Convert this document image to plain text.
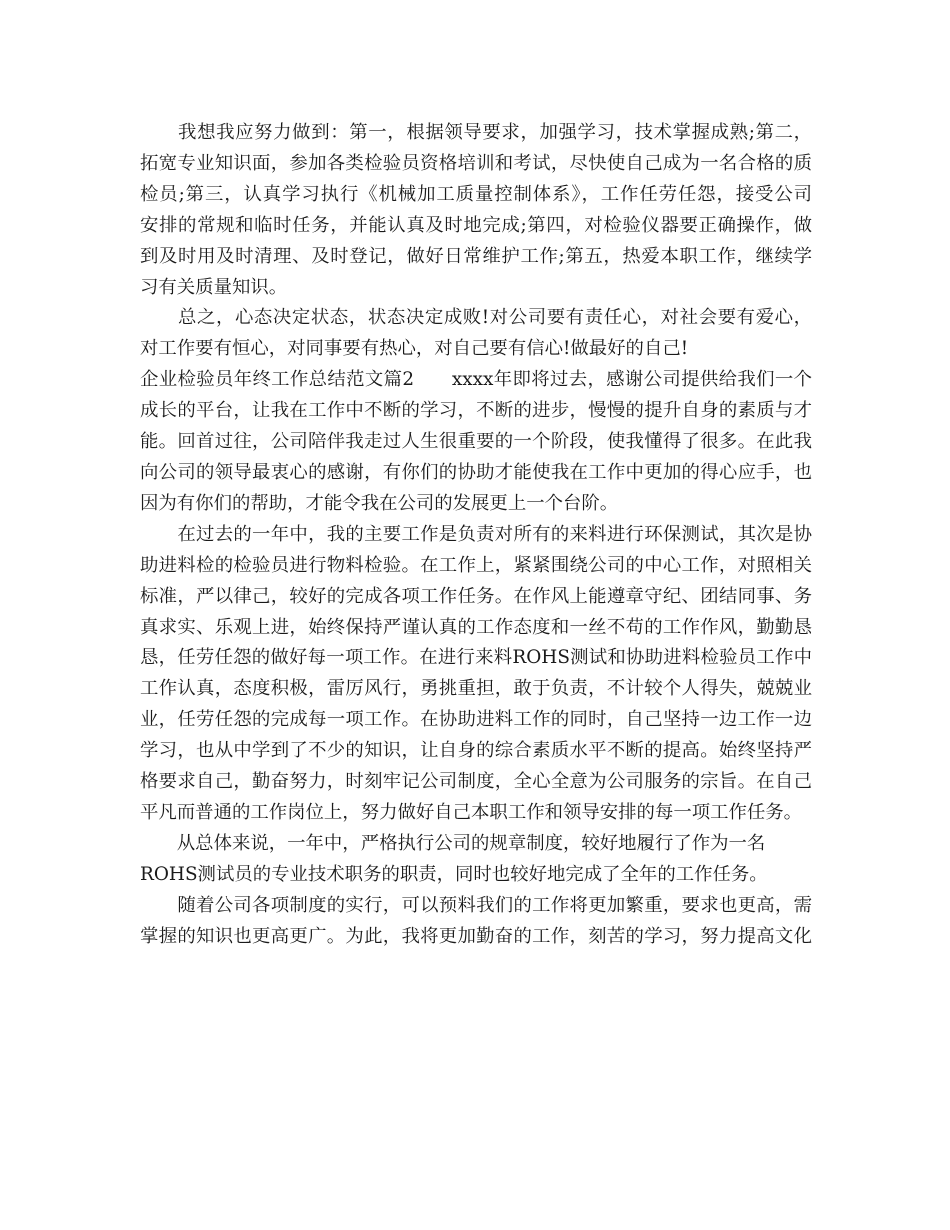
　　我想我应努力做到：第一，根据领导要求，加强学习，技术掌握成熟;第二，
拓宽专业知识面，参加各类检验员资格培训和考试，尽快使自己成为一名合格的质
检员;第三，认真学习执行《机械加工质量控制体系》，工作任劳任怨，接受公司
安排的常规和临时任务，并能认真及时地完成;第四，对检验仪器要正确操作，做
到及时用及时清理、及时登记，做好日常维护工作;第五，热爱本职工作，继续学
习有关质量知识。
　　总之，心态决定状态，状态决定成败!对公司要有责任心，对社会要有爱心，
对工作要有恒心，对同事要有热心，对自己要有信心!做最好的自己!
企业检验员年终工作总结范文篇2　　xxxx年即将过去，感谢公司提供给我们一个
成长的平台，让我在工作中不断的学习，不断的进步，慢慢的提升自身的素质与才
能。回首过往，公司陪伴我走过人生很重要的一个阶段，使我懂得了很多。在此我
向公司的领导最衷心的感谢，有你们的协助才能使我在工作中更加的得心应手，也
因为有你们的帮助，才能令我在公司的发展更上一个台阶。
　　在过去的一年中，我的主要工作是负责对所有的来料进行环保测试，其次是协
助进料检的检验员进行物料检验。在工作上，紧紧围绕公司的中心工作，对照相关
标准，严以律己，较好的完成各项工作任务。在作风上能遵章守纪、团结同事、务
真求实、乐观上进，始终保持严谨认真的工作态度和一丝不苟的工作作风，勤勤恳
恳，任劳任怨的做好每一项工作。在进行来料ROHS测试和协助进料检验员工作中
工作认真，态度积极，雷厉风行，勇挑重担，敢于负责，不计较个人得失，兢兢业
业，任劳任怨的完成每一项工作。在协助进料工作的同时，自己坚持一边工作一边
学习，也从中学到了不少的知识，让自身的综合素质水平不断的提高。始终坚持严
格要求自己，勤奋努力，时刻牢记公司制度，全心全意为公司服务的宗旨。在自己
平凡而普通的工作岗位上，努力做好自己本职工作和领导安排的每一项工作任务。
　　从总体来说，一年中，严格执行公司的规章制度，较好地履行了作为一名
ROHS测试员的专业技术职务的职责，同时也较好地完成了全年的工作任务。
　　随着公司各项制度的实行，可以预料我们的工作将更加繁重，要求也更高，需
掌握的知识也更高更广。为此，我将更加勤奋的工作，刻苦的学习，努力提高文化
